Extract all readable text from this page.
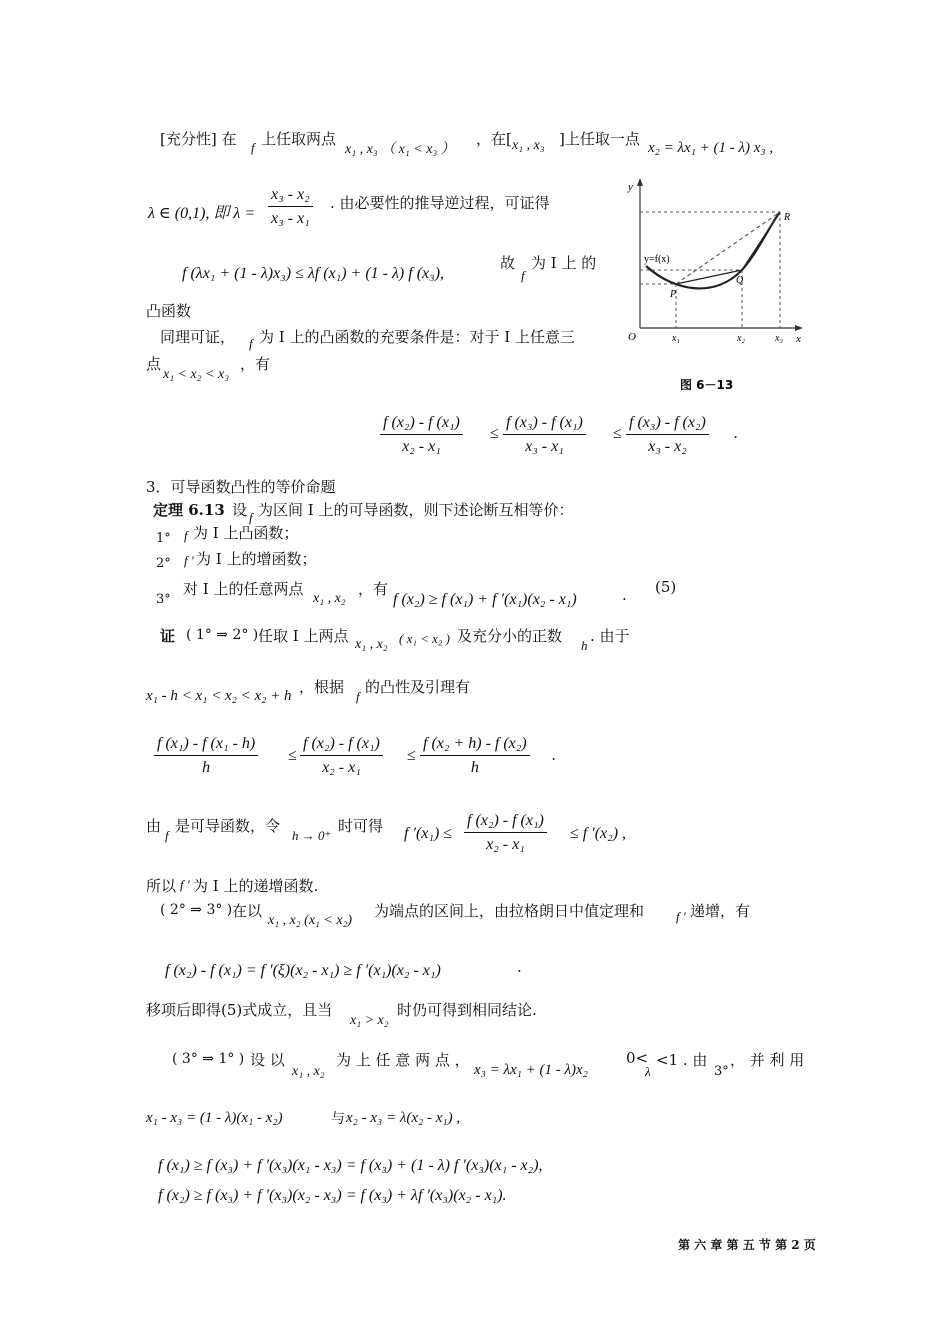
[充分性] 在 f 上任取两点
x₁ , x₃ （ x₁ < x₃ ）
，在[ x₁ , x₃ ]上任取一点 x₂ = λx₁ + (1 - λ) x₃ ,
λ ∈ (0,1), 即 $\lambda = \frac{\text{x₃ - x₂}}{\text{x₃ - x₁}}$ . 由必要性的推导逆过程，可证得
f (λx₁ + (1 - λ)x₃) ≤ λf (x₁) + (1 - λ) f (x₃),
故
f
为 I 上 的
凸函数
同理可证， f 为 I 上的凸函数的充要条件是：对于 I 上任意三
点
x₁ < x₂ < x₃
，有
$\frac{\text{f (x₂) - f (x₁)}}{\text{x₂ - x₁}} \le \frac{\text{f (x₃) - f (x₁)}}{\text{x₃ - x₁}} \le \frac{\text{f (x₃) - f (x₂)}}{\text{x₃ - x₂}}$ .
3．可导函数凸性的等价命题
定理 6.13 设 f 为区间 I 上的可导函数，则下述论断互相等价：
1° f 为 I 上凸函数；
2° f ′ 为 I 上的增函数；
3°
对 I 上的任意两点
x₁ , x₂
，有
f (x₂) ≥ f (x₁) + f ′(x₁)(x₂ - x₁)	. (5)
证 ( 1° ⇒ 2° ) 任取 I 上两点 x₁ , x₂ ( x₁ < x₂ ) 及充分小的正数
h
. 由于
x₁ - h < x₁ < x₂ < x₂ + h ，根据
f
的凸性及引理有
$\frac{\text{f (x₁) - f (x₁ - h)}}{h} \le \frac{\text{f (x₂) - f (x₁)}}{\text{x₂ - x₁}} \le \frac{\text{f (x₂ + h) - f (x₂)}}{h}$ .
由
f
是可导函数，令
h → 0⁺
时可得 f $'(x_1) \le \frac{\text{f (x₂) - f (x₁)}}{\text{x₂ - x₁}} \le f$ ′(x₂) ,
所以 f ′ 为 I 上的递增函数.
( 2° ⇒ 3° ) 在以
x₁ , x₂ (x₁ < x₂)
为端点的区间上，由拉格朗日中值定理和 f ′ 递增，有
f (x₂) - f (x₁) = f ′(ξ)(x₂ - x₁) ≥ f ′(x₁)(x₂ - x₁)	.
移项后即得(5)式成立，且当
x₁ > x₂
时仍可得到相同结论.
( 3° ⇒ 1° ) 设 以
x₁ , x₂
为 上 任 意 两 点 ，
x₃ = λx₁ + (1 - λ)x₂
0<
λ
<1 . 由
3°
， 并 利 用
x₁ - x₃ = (1 - λ)(x₁ - x₂)	与 x₂ - x₃ = λ(x₂ - x₁) ,
f (x₁) ≥ f (x₃) + f ′(x₃)(x₁ - x₃) = f (x₃) + (1 - λ) f ′(x₃)(x₁ - x₂),
f (x₂) ≥ f (x₃) + f ′(x₃)(x₂ - x₃) = f (x₃) + λf ′(x₃)(x₂ - x₁).
第 六 章 第 五 节 第 2 页
y
x
O
y=f(x)
P
Q
R
x₁	x₂	x₃
图 6－13
